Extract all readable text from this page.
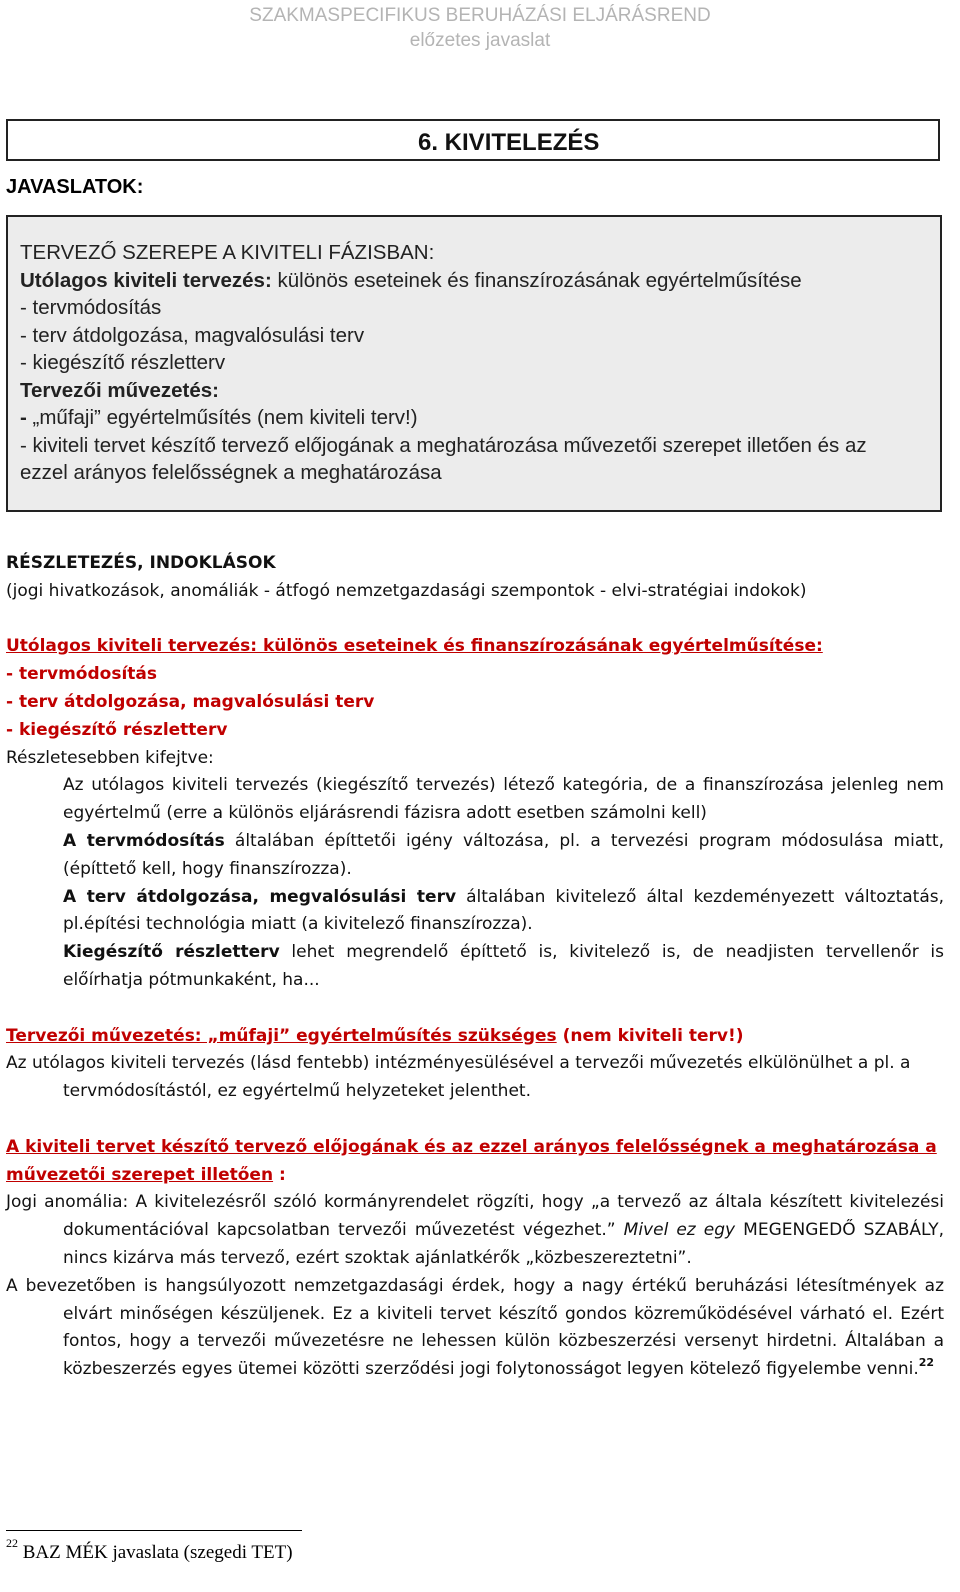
SZAKMASPECIFIKUS BERUHÁZÁSI ELJÁRÁSREND
előzetes javaslat
6. KIVITELEZÉS
JAVASLATOK:
TERVEZŐ SZEREPE A KIVITELI FÁZISBAN:
Utólagos kiviteli tervezés: különös eseteinek és finanszírozásának egyértelműsítése
- tervmódosítás
- terv átdolgozása, magvalósulási terv
- kiegészítő részletterv
Tervezői művezetés:
- „műfaji” egyértelműsítés (nem kiviteli terv!)
- kiviteli tervet készítő tervező előjogának a meghatározása művezetői szerepet illetően és az ezzel arányos felelősségnek a meghatározása
RÉSZLETEZÉS, INDOKLÁSOK
(jogi hivatkozások, anomáliák - átfogó nemzetgazdasági szempontok - elvi-stratégiai indokok)
Utólagos kiviteli tervezés: különös eseteinek és finanszírozásának egyértelműsítése:
- tervmódosítás
- terv átdolgozása, magvalósulási terv
- kiegészítő részletterv
Részletesebben kifejtve:
Az utólagos kiviteli tervezés (kiegészítő tervezés) létező kategória, de a finanszírozása jelenleg nem egyértelmű (erre a különös eljárásrendi fázisra adott esetben számolni kell)
A tervmódosítás általában építtetői igény változása, pl. a tervezési program módosulása miatt, (építtető kell, hogy finanszírozza).
A terv átdolgozása, megvalósulási terv általában kivitelező által kezdeményezett változtatás, pl.építési technológia miatt (a kivitelező finanszírozza).
Kiegészítő részletterv lehet megrendelő építtető is, kivitelező is, de neadjisten tervellenőr is előírhatja pótmunkaként, ha...
Tervezői művezetés: „műfaji” egyértelműsítés szükséges (nem kiviteli terv!)
Az utólagos kiviteli tervezés (lásd fentebb) intézményesülésével a tervezői művezetés elkülönülhet a pl. a tervmódosítástól, ez egyértelmű helyzeteket jelenthet.
A kiviteli tervet készítő tervező előjogának és az ezzel arányos felelősségnek a meghatározása a művezetői szerepet illetően :
Jogi anomália: A kivitelezésről szóló kormányrendelet rögzíti, hogy „a tervező az általa készített kivitelezési dokumentációval kapcsolatban tervezői művezetést végezhet.” Mivel ez egy MEGENGEDŐ SZABÁLY, nincs kizárva más tervező, ezért szoktak ajánlatkérők „közbeszereztetni”.
A bevezetőben is hangsúlyozott nemzetgazdasági érdek, hogy a nagy értékű beruházási létesítmények az elvárt minőségen készüljenek. Ez a kiviteli tervet készítő gondos közreműködésével várható el. Ezért fontos, hogy a tervezői művezetésre ne lehessen külön közbeszerzési versenyt hirdetni. Általában a közbeszerzés egyes ütemei közötti szerződési jogi folytonosságot legyen kötelező figyelembe venni.$^{22}$
$^{22}$ BAZ MÉK javaslata (szegedi TET)
